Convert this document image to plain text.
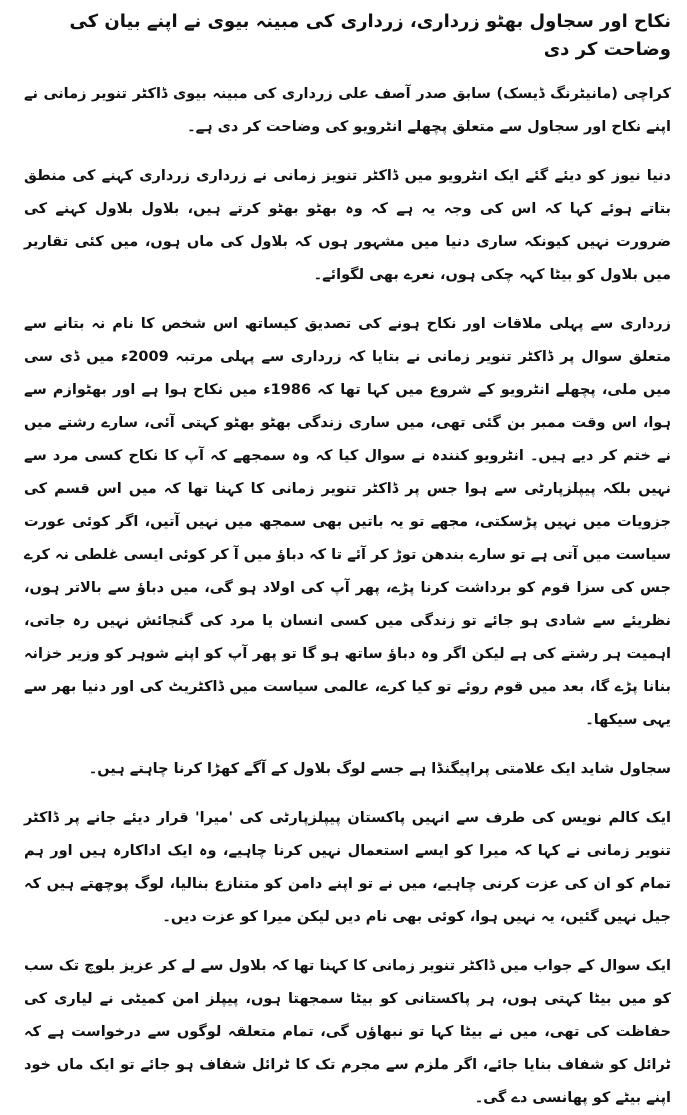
نکاح اور سجاول بھٹو زرداری، زرداری کی مبینہ بیوی نے اپنے بیان کی وضاحت کر دی

کراچی (مانیٹرنگ ڈیسک) سابق صدر آصف علی زرداری کی مبینہ بیوی ڈاکٹر تنویر زمانی نے اپنے نکاح اور سجاول سے متعلق پچھلے انٹرویو کی وضاحت کر دی ہے۔

دنیا نیوز کو دیئے گئے ایک انٹرویو میں ڈاکٹر تنویز زمانی نے زرداری زرداری کہنے کی منطق بتاتے ہوئے کہا کہ اس کی وجہ یہ ہے کہ وہ بھٹو بھٹو کرتے ہیں، بلاول بلاول کہنے کی ضرورت نہیں کیونکہ ساری دنیا میں مشہور ہوں کہ بلاول کی ماں ہوں، میں کئی تقاریر میں بلاول کو بیٹا کہہ چکی ہوں، نعرے بھی لگوائے۔

زرداری سے پہلی ملاقات اور نکاح ہونے کی تصدیق کیساتھ اس شخص کا نام نہ بتانے سے متعلق سوال پر ڈاکٹر تنویر زمانی نے بتایا کہ زرداری سے پہلی مرتبہ 2009ء میں ڈی سی میں ملی، پچھلے انٹرویو کے شروع میں کہا تھا کہ 1986ء میں نکاح ہوا ہے اور بھٹوازم سے ہوا، اس وقت ممبر بن گئی تھی، میں ساری زندگی بھٹو بھٹو کہتی آئی، سارے رشتے میں نے ختم کر دیے ہیں۔ انٹرویو کنندہ نے سوال کیا کہ وہ سمجھے کہ آپ کا نکاح کسی مرد سے نہیں بلکہ پیپلزپارٹی سے ہوا جس پر ڈاکٹر تنویر زمانی کا کہنا تھا کہ میں اس قسم کی جزویات میں نہیں پڑسکتی، مجھے تو یہ باتیں بھی سمجھ میں نہیں آتیں، اگر کوئی عورت سیاست میں آتی ہے تو سارے بندھن توڑ کر آئے تا کہ دباؤ میں آ کر کوئی ایسی غلطی نہ کرے جس کی سزا قوم کو برداشت کرنا پڑے، پھر آپ کی اولاد ہو گی، میں دباؤ سے بالاتر ہوں، نظریئے سے شادی ہو جائے تو زندگی میں کسی انسان یا مرد کی گنجائش نہیں رہ جاتی، اہمیت ہر رشتے کی ہے لیکن اگر وہ دباؤ ساتھ ہو گا تو پھر آپ کو اپنے شوہر کو وزیر خزانہ بنانا پڑے گا، بعد میں قوم روئے تو کیا کرے، عالمی سیاست میں ڈاکٹریٹ کی اور دنیا بھر سے یہی سیکھا۔

سجاول شاید ایک علامتی پراپیگنڈا ہے جسے لوگ بلاول کے آگے کھڑا کرنا چاہتے ہیں۔

ایک کالم نویس کی طرف سے انہیں پاکستان پیپلزپارٹی کی 'میرا' قرار دیئے جانے پر ڈاکٹر تنویر زمانی نے کہا کہ میرا کو ایسے استعمال نہیں کرنا چاہیے، وہ ایک اداکارہ ہیں اور ہم تمام کو ان کی عزت کرنی چاہیے، میں نے تو اپنے دامن کو متنازع بنالیا، لوگ پوچھتے ہیں کہ جیل نہیں گئیں، یہ نہیں ہوا، کوئی بھی نام دیں لیکن میرا کو عزت دیں۔

ایک سوال کے جواب میں ڈاکٹر تنویر زمانی کا کہنا تھا کہ بلاول سے لے کر عزیز بلوچ تک سب کو میں بیٹا کہتی ہوں، ہر پاکستانی کو بیٹا سمجھتا ہوں، پیپلز امن کمیٹی نے لیاری کی حفاظت کی تھی، میں نے بیٹا کہا تو نبھاؤں گی، تمام متعلقہ لوگوں سے درخواست ہے کہ ٹرائل کو شفاف بنایا جائے، اگر ملزم سے مجرم تک کا ٹرائل شفاف ہو جائے تو ایک ماں خود اپنے بیٹے کو پھانسی دے گی۔
